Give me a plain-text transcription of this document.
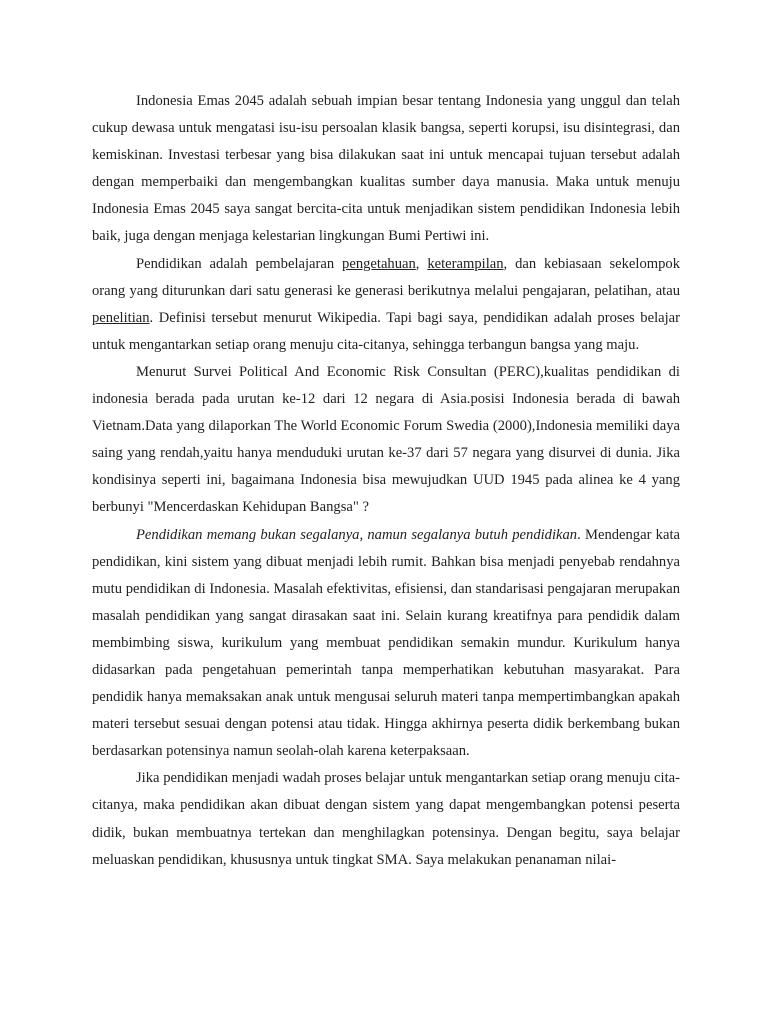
Indonesia Emas 2045 adalah sebuah impian besar tentang Indonesia yang unggul dan telah cukup dewasa untuk mengatasi isu-isu persoalan klasik bangsa, seperti korupsi, isu disintegrasi, dan kemiskinan. Investasi terbesar yang bisa dilakukan saat ini untuk mencapai tujuan tersebut adalah dengan memperbaiki dan mengembangkan kualitas sumber daya manusia. Maka untuk menuju Indonesia Emas 2045 saya sangat bercita-cita untuk menjadikan sistem pendidikan Indonesia lebih baik, juga dengan menjaga kelestarian lingkungan Bumi Pertiwi ini.

Pendidikan adalah pembelajaran pengetahuan, keterampilan, dan kebiasaan sekelompok orang yang diturunkan dari satu generasi ke generasi berikutnya melalui pengajaran, pelatihan, atau penelitian. Definisi tersebut menurut Wikipedia. Tapi bagi saya, pendidikan adalah proses belajar untuk mengantarkan setiap orang menuju cita-citanya, sehingga terbangun bangsa yang maju.

Menurut Survei Political And Economic Risk Consultan (PERC),kualitas pendidikan di indonesia berada pada urutan ke-12 dari 12 negara di Asia.posisi Indonesia berada di bawah Vietnam.Data yang dilaporkan The World Economic Forum Swedia (2000),Indonesia memiliki daya saing yang rendah,yaitu hanya menduduki urutan ke-37 dari 57 negara yang disurvei di dunia. Jika kondisinya seperti ini, bagaimana Indonesia bisa mewujudkan UUD 1945 pada alinea ke 4 yang berbunyi "Mencerdaskan Kehidupan Bangsa" ?

Pendidikan memang bukan segalanya, namun segalanya butuh pendidikan. Mendengar kata pendidikan, kini sistem yang dibuat menjadi lebih rumit. Bahkan bisa menjadi penyebab rendahnya mutu pendidikan di Indonesia. Masalah efektivitas, efisiensi, dan standarisasi pengajaran merupakan masalah pendidikan yang sangat dirasakan saat ini. Selain kurang kreatifnya para pendidik dalam membimbing siswa, kurikulum yang membuat pendidikan semakin mundur. Kurikulum hanya didasarkan pada pengetahuan pemerintah tanpa memperhatikan kebutuhan masyarakat. Para pendidik hanya memaksakan anak untuk mengusai seluruh materi tanpa mempertimbangkan apakah materi tersebut sesuai dengan potensi atau tidak. Hingga akhirnya peserta didik berkembang bukan berdasarkan potensinya namun seolah-olah karena keterpaksaan.

Jika pendidikan menjadi wadah proses belajar untuk mengantarkan setiap orang menuju cita-citanya, maka pendidikan akan dibuat dengan sistem yang dapat mengembangkan potensi peserta didik, bukan membuatnya tertekan dan menghilagkan potensinya. Dengan begitu, saya belajar meluaskan pendidikan, khususnya untuk tingkat SMA. Saya melakukan penanaman nilai-
